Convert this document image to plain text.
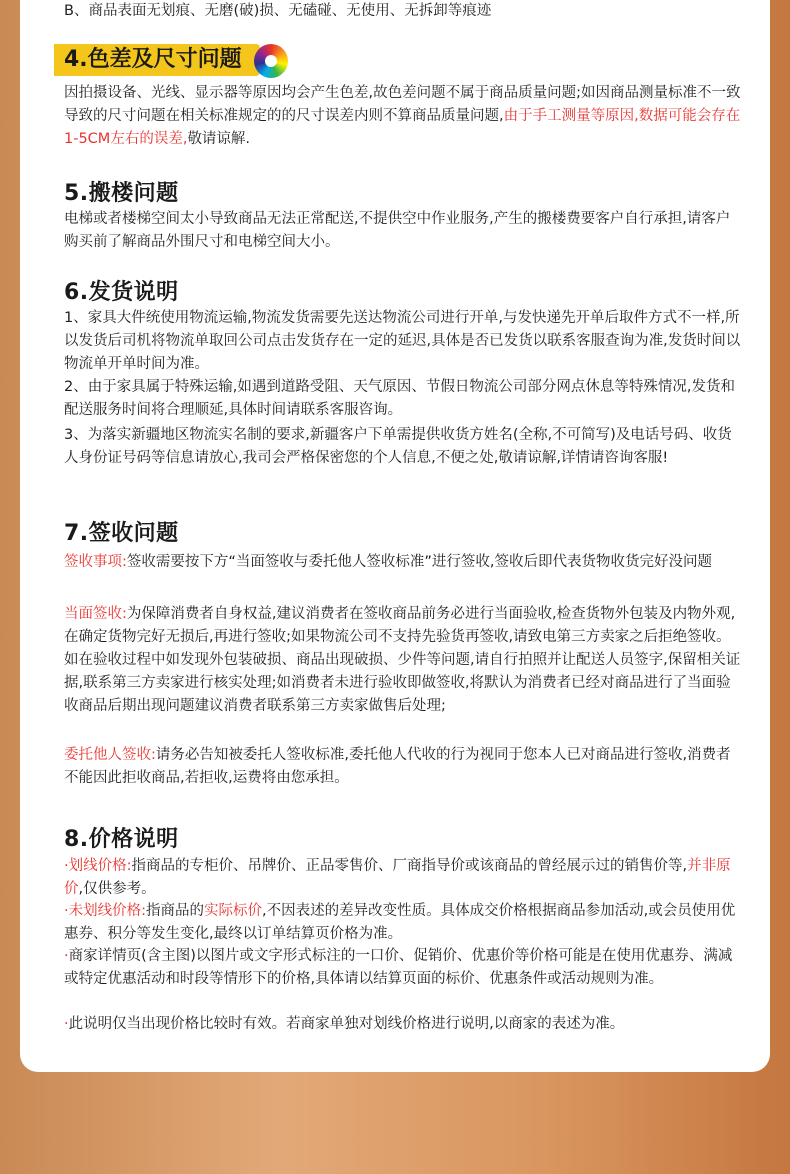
B、商品表面无划痕、无磨(破)损、无磕碰、无使用、无拆卸等痕迹
4.色差及尺寸问题
因拍摄设备、光线、显示器等原因均会产生色差,故色差问题不属于商品质量问题;如因商品测量标准不一致导致的尺寸问题在相关标准规定的的尺寸误差内则不算商品质量问题,由于手工测量等原因,数据可能会存在1-5CM左右的误差,敬请谅解.
5.搬楼问题
电梯或者楼梯空间太小导致商品无法正常配送,不提供空中作业服务,产生的搬楼费要客户自行承担,请客户购买前了解商品外围尺寸和电梯空间大小。
6.发货说明
1、家具大件统使用物流运输,物流发货需要先送达物流公司进行开单,与发快递先开单后取件方式不一样,所以发货后司机将物流单取回公司点击发货存在一定的延迟,具体是否已发货以联系客服查询为准,发货时间以物流单开单时间为准。
2、由于家具属于特殊运输,如遇到道路受阻、天气原因、节假日物流公司部分网点休息等特殊情况,发货和配送服务时间将合理顺延,具体时间请联系客服咨询。
3、为落实新疆地区物流实名制的要求,新疆客户下单需提供收货方姓名(全称,不可简写)及电话号码、收货人身份证号码等信息请放心,我司会严格保密您的个人信息,不便之处,敬请谅解,详情请咨询客服!
7.签收问题
签收事项:签收需要按下方“当面签收与委托他人签收标准”进行签收,签收后即代表货物收货完好没问题
当面签收:为保障消费者自身权益,建议消费者在签收商品前务必进行当面验收,检查货物外包装及内物外观,在确定货物完好无损后,再进行签收;如果物流公司不支持先验货再签收,请致电第三方卖家之后拒绝签收。如在验收过程中如发现外包装破损、商品出现破损、少件等问题,请自行拍照并让配送人员签字,保留相关证据,联系第三方卖家进行核实处理;如消费者未进行验收即做签收,将默认为消费者已经对商品进行了当面验收商品后期出现问题建议消费者联系第三方卖家做售后处理;
委托他人签收:请务必告知被委托人签收标准,委托他人代收的行为视同于您本人已对商品进行签收,消费者不能因此拒收商品,若拒收,运费将由您承担。
8.价格说明
·划线价格:指商品的专柜价、吊牌价、正品零售价、厂商指导价或该商品的曾经展示过的销售价等,并非原价,仅供参考。
·未划线价格:指商品的实际标价,不因表述的差异改变性质。具体成交价格根据商品参加活动,或会员使用优惠券、积分等发生变化,最终以订单结算页价格为准。
·商家详情页(含主图)以图片或文字形式标注的一口价、促销价、优惠价等价格可能是在使用优惠券、满减或特定优惠活动和时段等情形下的价格,具体请以结算页面的标价、优惠条件或活动规则为准。
·此说明仅当出现价格比较时有效。若商家单独对划线价格进行说明,以商家的表述为准。
